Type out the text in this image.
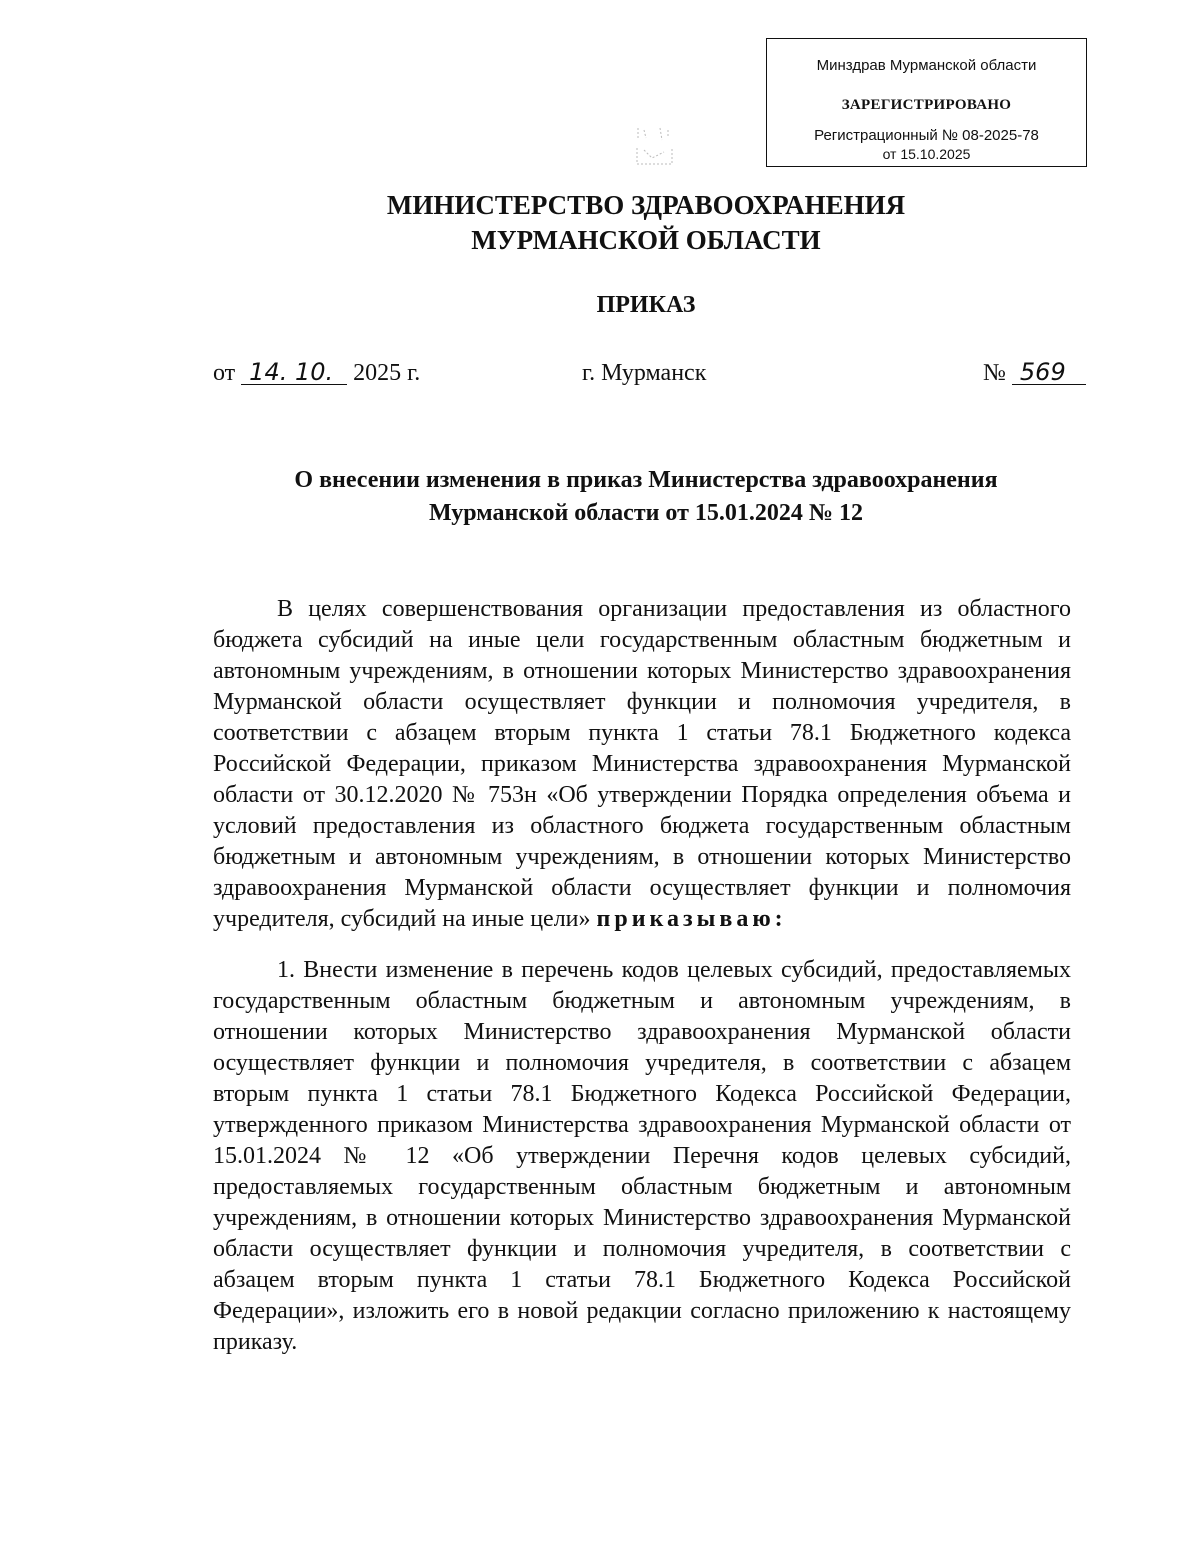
Минздрав Мурманской области
ЗАРЕГИСТРИРОВАНО
Регистрационный № 08-2025-78
от 15.10.2025
МИНИСТЕРСТВО ЗДРАВООХРАНЕНИЯ
МУРМАНСКОЙ ОБЛАСТИ
ПРИКАЗ
от 14. 10. 2025 г.	г. Мурманск	№ 569
О внесении изменения в приказ Министерства здравоохранения
Мурманской области от 15.01.2024 № 12
В целях совершенствования организации предоставления из областного бюджета субсидий на иные цели государственным областным бюджетным и автономным учреждениям, в отношении которых Министерство здравоохранения Мурманской области осуществляет функции и полномочия учредителя, в соответствии с абзацем вторым пункта 1 статьи 78.1 Бюджетного кодекса Российской Федерации, приказом Министерства здравоохранения Мурманской области от 30.12.2020 № 753н «Об утверждении Порядка определения объема и условий предоставления из областного бюджета государственным областным бюджетным и автономным учреждениям, в отношении которых Министерство здравоохранения Мурманской области осуществляет функции и полномочия учредителя, субсидий на иные цели» приказываю:
1. Внести изменение в перечень кодов целевых субсидий, предоставляемых государственным областным бюджетным и автономным учреждениям, в отношении которых Министерство здравоохранения Мурманской области осуществляет функции и полномочия учредителя, в соответствии с абзацем вторым пункта 1 статьи 78.1 Бюджетного Кодекса Российской Федерации, утвержденного приказом Министерства здравоохранения Мурманской области от 15.01.2024 № 12 «Об утверждении Перечня кодов целевых субсидий, предоставляемых государственным областным бюджетным и автономным учреждениям, в отношении которых Министерство здравоохранения Мурманской области осуществляет функции и полномочия учредителя, в соответствии с абзацем вторым пункта 1 статьи 78.1 Бюджетного Кодекса Российской Федерации», изложить его в новой редакции согласно приложению к настоящему приказу.
